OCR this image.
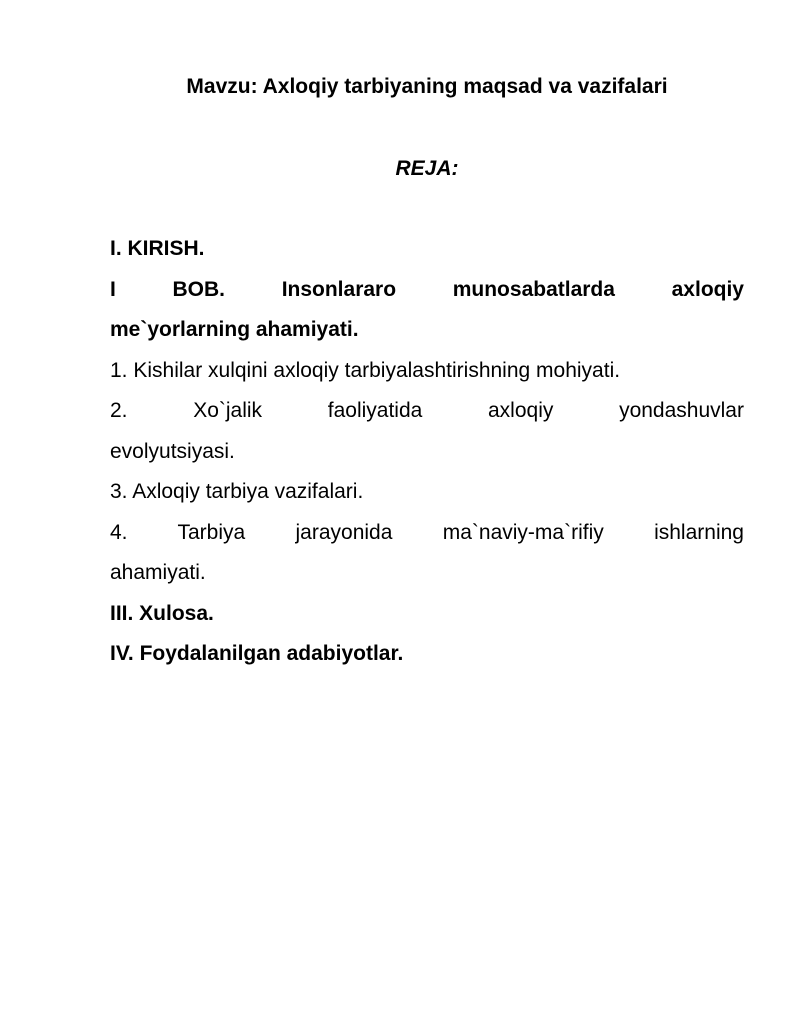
Mavzu: Axloqiy tarbiyaning maqsad va vazifalari
REJA:
I. KIRISH.
I	BOB.	Insonlararo	munosabatlarda	axloqiy
me`yorlarning ahamiyati.
1. Kishilar xulqini axloqiy tarbiyalashtirishning mohiyati.
2.	Xo`jalik	faoliyatida	axloqiy	yondashuvlar
evolyutsiyasi.
3. Axloqiy tarbiya vazifalari.
4. Tarbiya jarayonida ma`naviy-ma`rifiy ishlarning
ahamiyati.
III. Xulosa.
IV. Foydalanilgan adabiyotlar.
